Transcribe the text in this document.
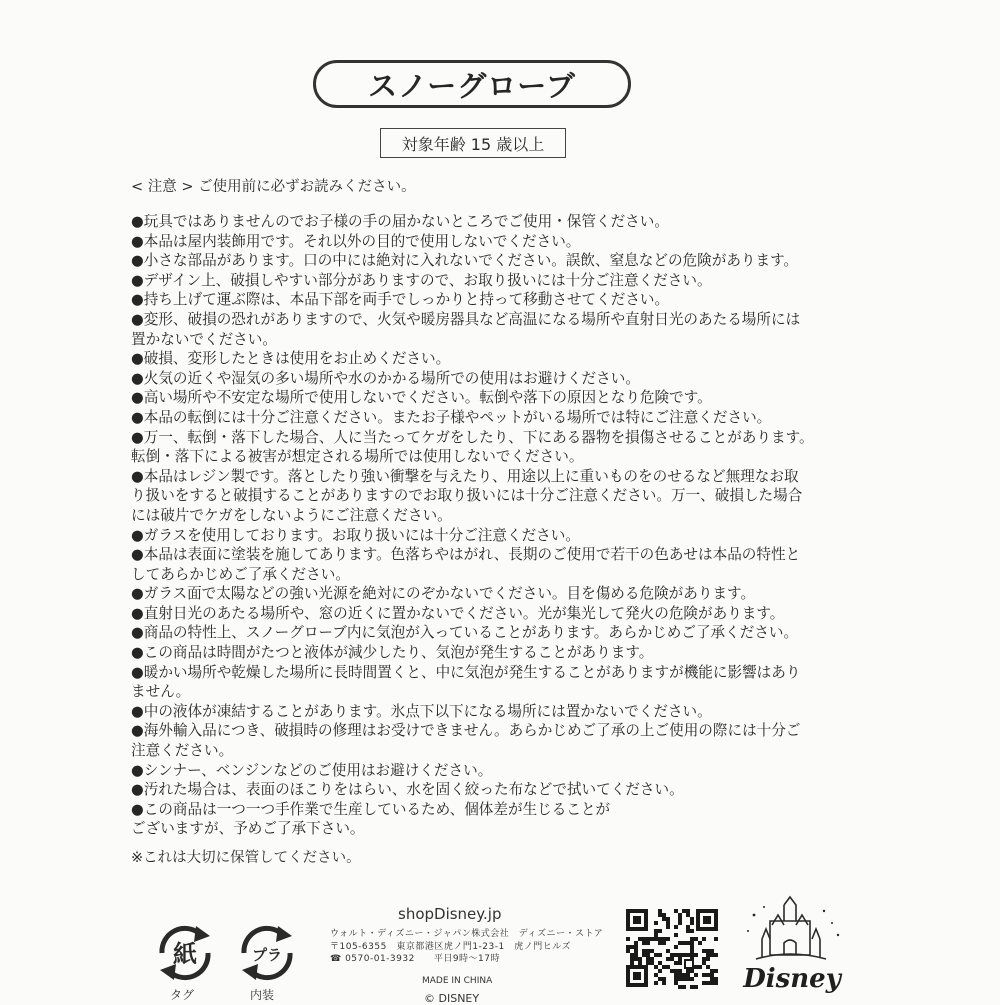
スノーグローブ
対象年齢 15 歳以上
< 注意 > ご使用前に必ずお読みください。

●玩具ではありませんのでお子様の手の届かないところでご使用・保管ください。

●本品は屋内装飾用です。それ以外の目的で使用しないでください。

●小さな部品があります。口の中には絶対に入れないでください。誤飲、窒息などの危険があります。

●デザイン上、破損しやすい部分がありますので、お取り扱いには十分ご注意ください。

●持ち上げて運ぶ際は、本品下部を両手でしっかりと持って移動させてください。

●変形、破損の恐れがありますので、火気や暖房器具など高温になる場所や直射日光のあたる場所には
置かないでください。

●破損、変形したときは使用をお止めください。

●火気の近くや湿気の多い場所や水のかかる場所での使用はお避けください。

●高い場所や不安定な場所で使用しないでください。転倒や落下の原因となり危険です。

●本品の転倒には十分ご注意ください。またお子様やペットがいる場所では特にご注意ください。

●万一、転倒・落下した場合、人に当たってケガをしたり、下にある器物を損傷させることがあります。
転倒・落下による被害が想定される場所では使用しないでください。

●本品はレジン製です。落としたり強い衝撃を与えたり、用途以上に重いものをのせるなど無理なお取
り扱いをすると破損することがありますのでお取り扱いには十分ご注意ください。万一、破損した場合
には破片でケガをしないようにご注意ください。

●ガラスを使用しております。お取り扱いには十分ご注意ください。

●本品は表面に塗装を施してあります。色落ちやはがれ、長期のご使用で若干の色あせは本品の特性と
してあらかじめご了承ください。

●ガラス面で太陽などの強い光源を絶対にのぞかないでください。目を傷める危険があります。

●直射日光のあたる場所や、窓の近くに置かないでください。光が集光して発火の危険があります。

●商品の特性上、スノーグローブ内に気泡が入っていることがあります。あらかじめご了承ください。

●この商品は時間がたつと液体が減少したり、気泡が発生することがあります。

●暖かい場所や乾燥した場所に長時間置くと、中に気泡が発生することがありますが機能に影響はあり
ません。

●中の液体が凍結することがあります。氷点下以下になる場所には置かないでください。

●海外輸入品につき、破損時の修理はお受けできません。あらかじめご了承の上ご使用の際には十分ご
注意ください。

●シンナー、ベンジンなどのご使用はお避けください。

●汚れた場合は、表面のほこりをはらい、水を固く絞った布などで拭いてください。

●この商品は一つ一つ手作業で生産しているため、個体差が生じることが
ございますが、予めご了承下さい。

※これは大切に保管してください。
紙
タグ
プラ
内装
shopDisney.jp
ウォルト・ディズニー・ジャパン株式会社　ディズニー・ストア
〒105-6355　東京都港区虎ノ門1-23-1　虎ノ門ヒルズ
☎ 0570-01-3932　　平日9時～17時
MADE IN CHINA
© DISNEY
Disney
